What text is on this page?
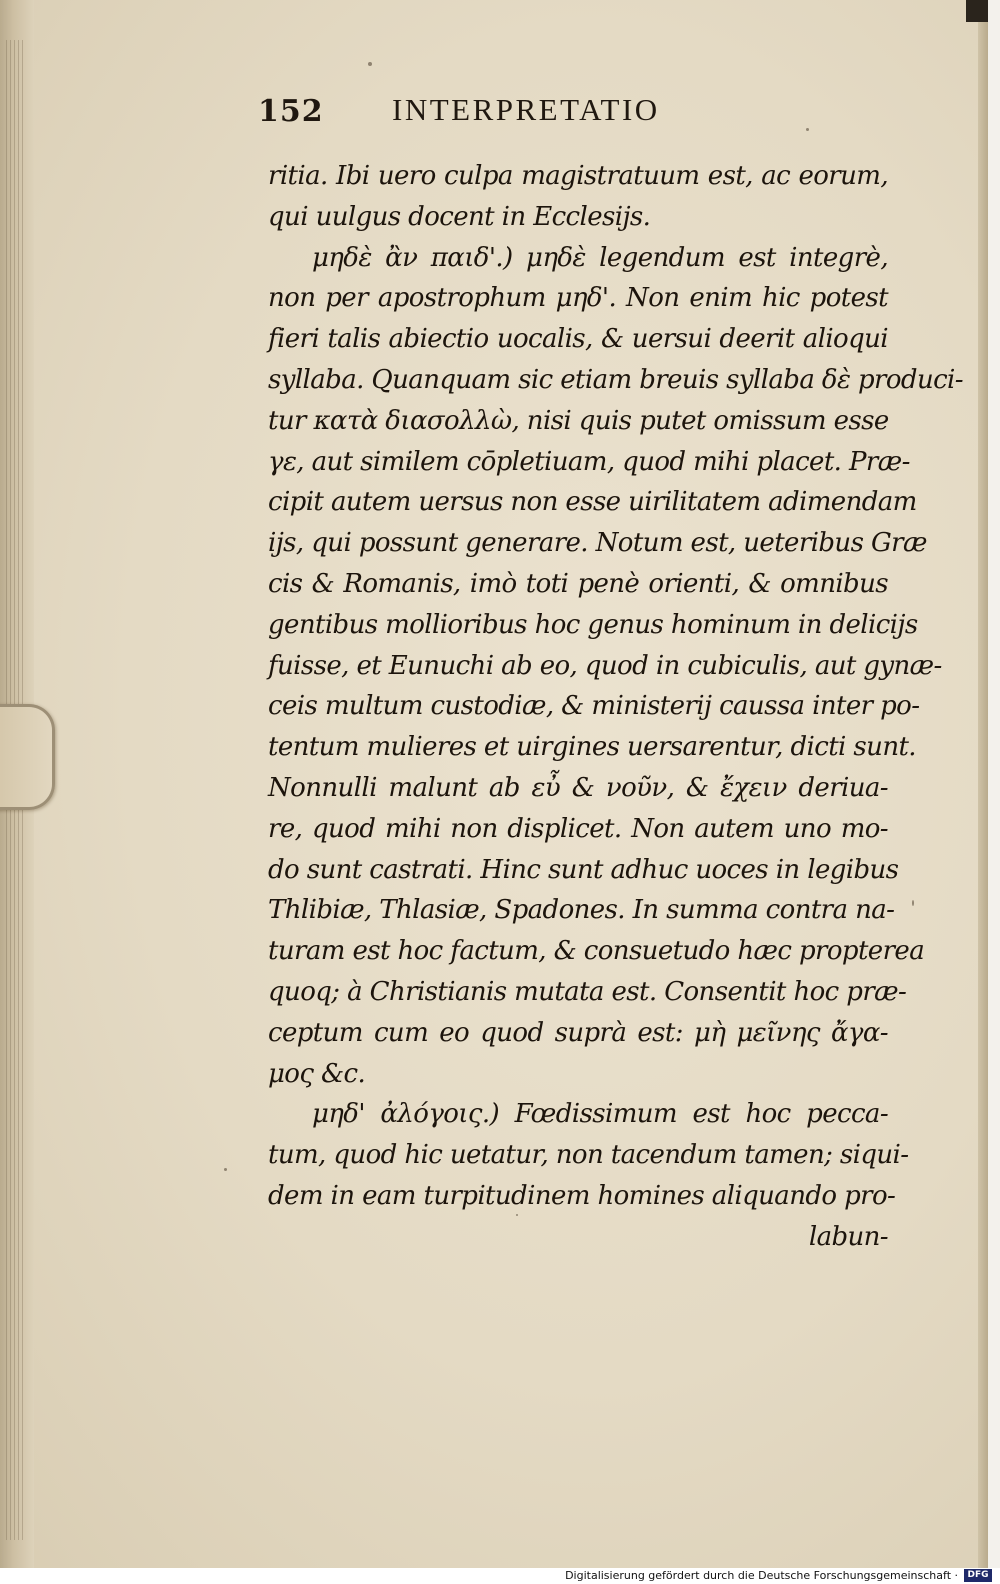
152 INTERPRETATIO
ritia. Ibi uero culpa magistratuum est, ac eorum,
qui uulgus docent in Ecclesijs.
μηδὲ ἂν παιδ'.) μηδὲ legendum est integrè,
non per apostrophum μηδ'. Non enim hic potest
fieri talis abiectio uocalis, & uersui deerit alioqui
syllaba. Quanquam sic etiam breuis syllaba δὲ produci-
tur κατὰ διασολλὼ, nisi quis putet omissum esse
γε, aut similem cōpletiuam, quod mihi placet. Præ-
cipit autem uersus non esse uirilitatem adimendam
ijs, qui possunt generare. Notum est, ueteribus Græ
cis & Romanis, imò toti penè orienti, & omnibus
gentibus mollioribus hoc genus hominum in delicijs
fuisse, et Eunuchi ab eo, quod in cubiculis, aut gynæ-
ceis multum custodiæ, & ministerij caussa inter po-
tentum mulieres et uirgines uersarentur, dicti sunt.
Nonnulli malunt ab εὖ & νοῦν, & ἔχειν deriua-
re, quod mihi non displicet. Non autem uno mo-
do sunt castrati. Hinc sunt adhuc uoces in legibus
Thlibiæ, Thlasiæ, Spadones. In summa contra na-
turam est hoc factum, & consuetudo hæc propterea
quoq; à Christianis mutata est. Consentit hoc præ-
ceptum cum eo quod suprà est: μὴ μεῖνης ἄγα-
μος &c.
μηδ' ἀλόγοις.) Fœdissimum est hoc pecca-
tum, quod hic uetatur, non tacendum tamen; siqui-
dem in eam turpitudinem homines aliquando pro-
labun-
Digitalisierung gefördert durch die Deutsche Forschungsgemeinschaft ·	DFG
